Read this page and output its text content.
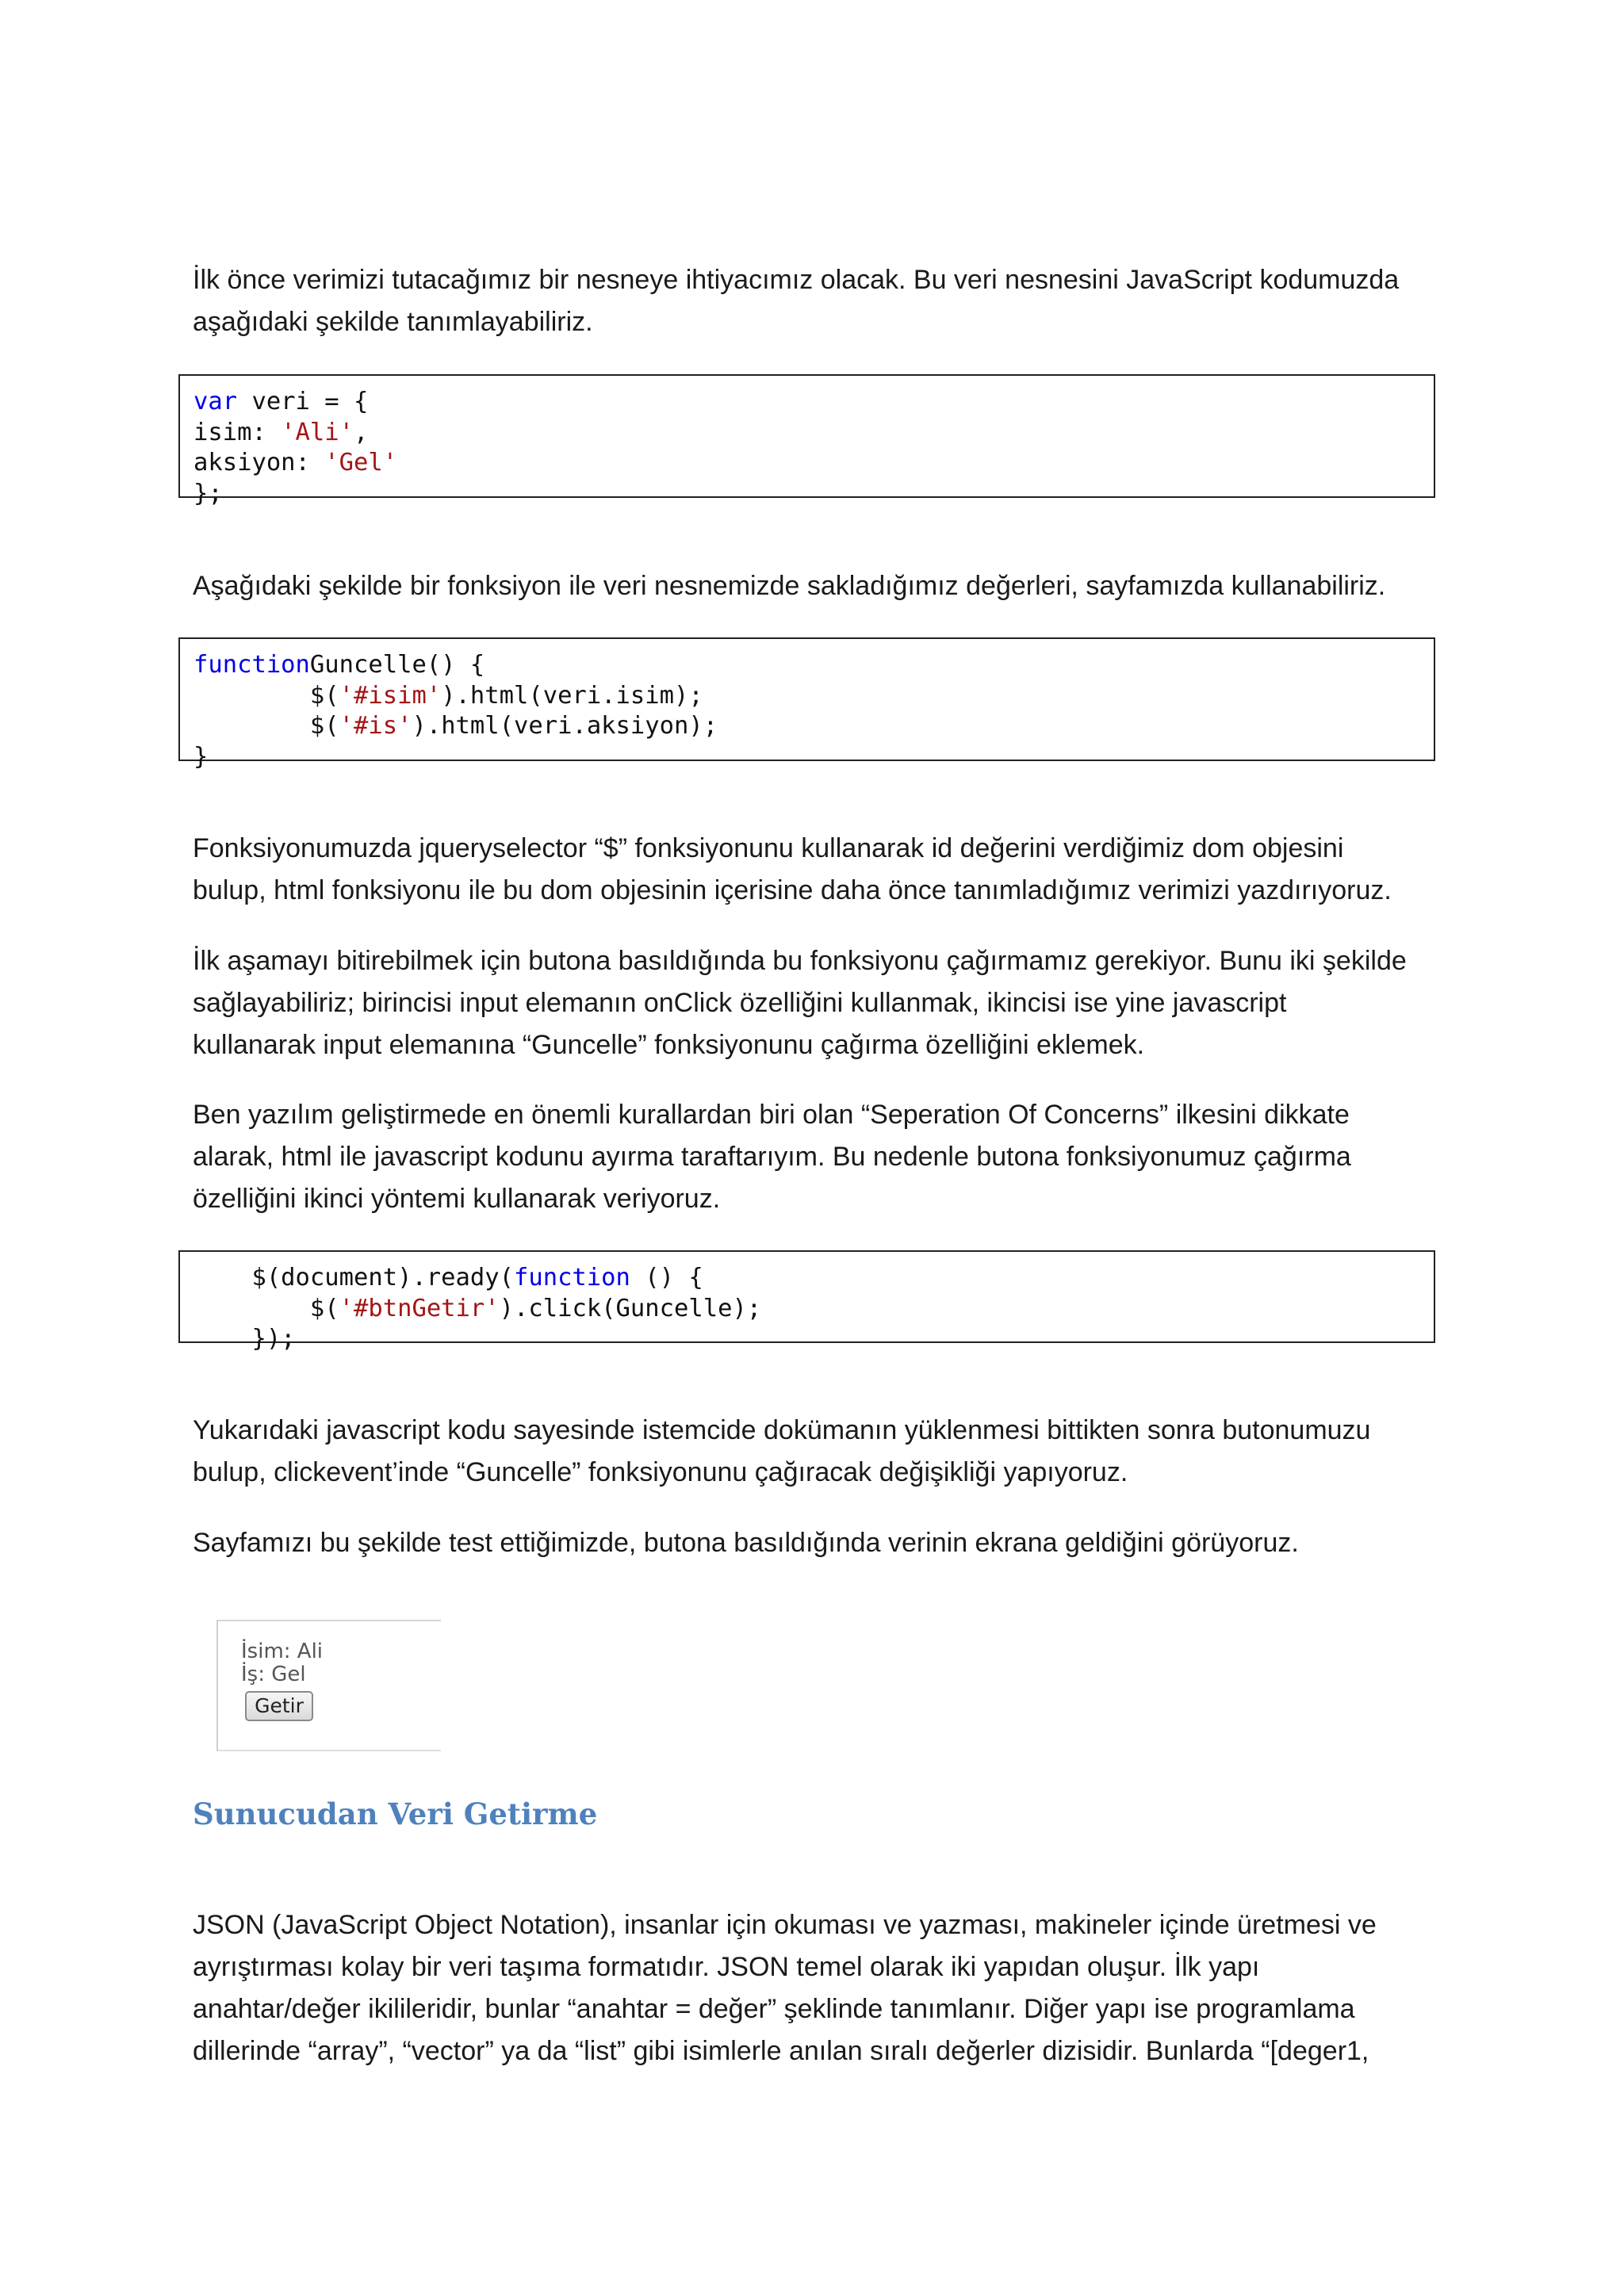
İlk önce verimizi tutacağımız bir nesneye ihtiyacımız olacak. Bu veri nesnesini JavaScript kodumuzda
aşağıdaki şekilde tanımlayabiliriz.
var veri = {
isim: 'Ali',
aksiyon: 'Gel'
};
Aşağıdaki şekilde bir fonksiyon ile veri nesnemizde sakladığımız değerleri, sayfamızda kullanabiliriz.
functionGuncelle() {
$('#isim').html(veri.isim);
$('#is').html(veri.aksiyon);
}
Fonksiyonumuzda jqueryselector “$” fonksiyonunu kullanarak id değerini verdiğimiz dom objesini
bulup, html fonksiyonu ile bu dom objesinin içerisine daha önce tanımladığımız verimizi yazdırıyoruz.
İlk aşamayı bitirebilmek için butona basıldığında bu fonksiyonu çağırmamız gerekiyor. Bunu iki şekilde
sağlayabiliriz; birincisi input elemanın onClick özelliğini kullanmak, ikincisi ise yine javascript
kullanarak input elemanına “Guncelle” fonksiyonunu çağırma özelliğini eklemek.
Ben yazılım geliştirmede en önemli kurallardan biri olan “Seperation Of Concerns” ilkesini dikkate
alarak, html ile javascript kodunu ayırma taraftarıyım. Bu nedenle butona fonksiyonumuz çağırma
özelliğini ikinci yöntemi kullanarak veriyoruz.
$(document).ready(function () {
$('#btnGetir').click(Guncelle);
});
Yukarıdaki javascript kodu sayesinde istemcide dokümanın yüklenmesi bittikten sonra butonumuzu
bulup, clickevent’inde “Guncelle” fonksiyonunu çağıracak değişikliği yapıyoruz.
Sayfamızı bu şekilde test ettiğimizde, butona basıldığında verinin ekrana geldiğini görüyoruz.
İsim: Ali
İş: Gel
Getir
Sunucudan Veri Getirme
JSON (JavaScript Object Notation), insanlar için okuması ve yazması, makineler içinde üretmesi ve
ayrıştırması kolay bir veri taşıma formatıdır. JSON temel olarak iki yapıdan oluşur. İlk yapı
anahtar/değer ikilileridir, bunlar “anahtar = değer” şeklinde tanımlanır. Diğer yapı ise programlama
dillerinde “array”, “vector” ya da “list” gibi isimlerle anılan sıralı değerler dizisidir. Bunlarda “[deger1,
